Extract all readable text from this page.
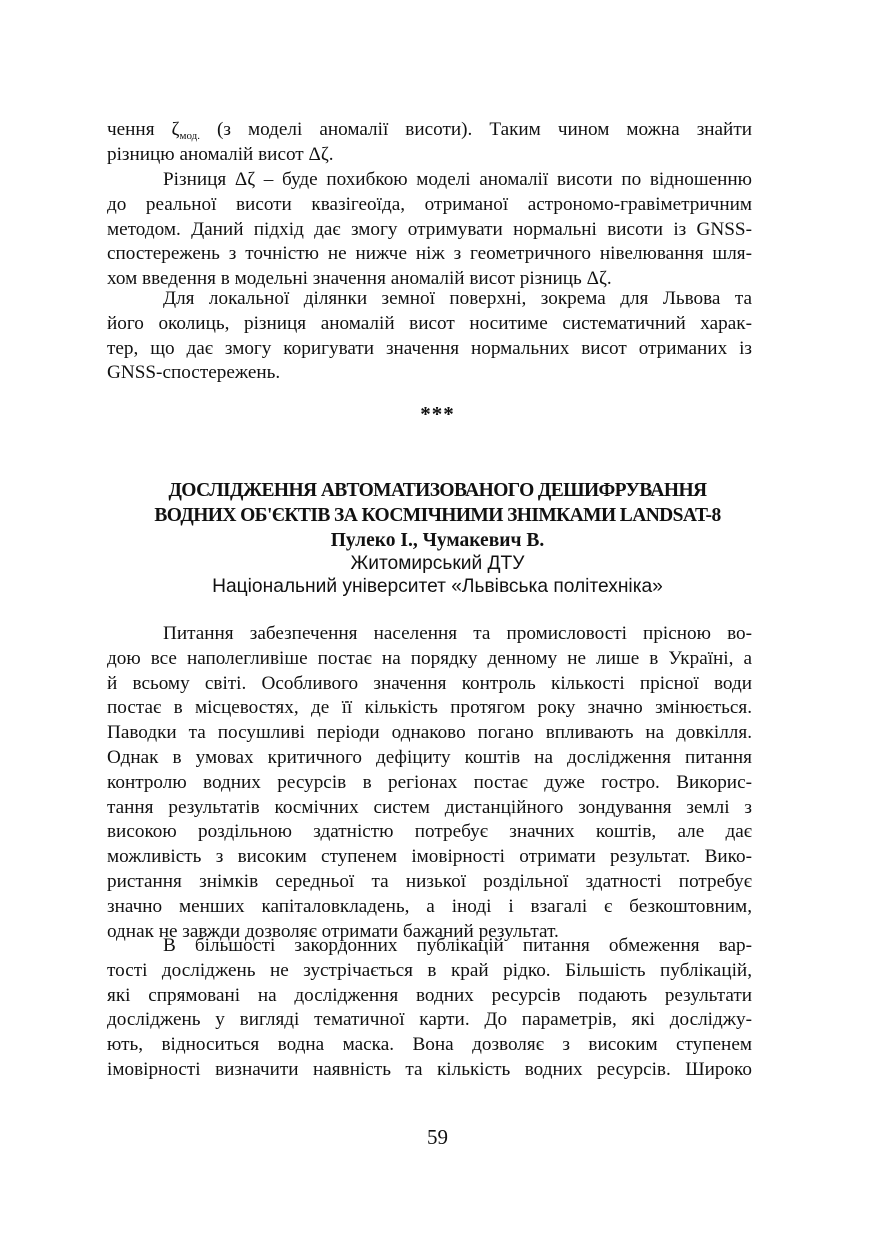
чення $\zeta_{мод.}$ (з моделі аномалії висоти). Таким чином можна знайти
різницю аномалій висот Δζ.
Різниця Δζ – буде похибкою моделі аномалії висоти по відношенню
до реальної висоти квазігеоїда, отриманої астрономо-гравіметричним
методом. Даний підхід дає змогу отримувати нормальні висоти із GNSS-
спостережень з точністю не нижче ніж з геометричного нівелювання шля-
хом введення в модельні значення аномалій висот різниць Δζ.
Для локальної ділянки земної поверхні, зокрема для Львова та
його околиць, різниця аномалій висот носитиме систематичний харак-
тер, що дає змогу коригувати значення нормальних висот отриманих із
GNSS-спостережень.

***

ДОСЛІДЖЕННЯ АВТОМАТИЗОВАНОГО ДЕШИФРУВАННЯ

ВОДНИХ ОБ'ЄКТІВ ЗА КОСМІЧНИМИ ЗНІМКАМИ LANDSAT-8

Пулеко І., Чумакевич В.

Житомирський ДТУ

Національний університет «Львівська політехніка»

Питання забезпечення населення та промисловості прісною во-
дою все наполегливіше постає на порядку денному не лише в Україні, а
й всьому світі. Особливого значення контроль кількості прісної води
постає в місцевостях, де її кількість протягом року значно змінюється.
Паводки та посушливі періоди однаково погано впливають на довкілля.
Однак в умовах критичного дефіциту коштів на дослідження питання
контролю водних ресурсів в регіонах постає дуже гостро. Викорис-
тання результатів космічних систем дистанційного зондування землі з
високою роздільною здатністю потребує значних коштів, але дає
можливість з високим ступенем імовірності отримати результат. Вико-
ристання знімків середньої та низької роздільної здатності потребує
значно менших капіталовкладень, а іноді і взагалі є безкоштовним,
однак не завжди дозволяє отримати бажаний результат.
В більшості закордонних публікацій питання обмеження вар-
тості досліджень не зустрічається в край рідко. Більшість публікацій,
які спрямовані на дослідження водних ресурсів подають результати
досліджень у вигляді тематичної карти. До параметрів, які досліджу-
ють, відноситься водна маска. Вона дозволяє з високим ступенем
імовірності визначити наявність та кількість водних ресурсів. Широко

59
